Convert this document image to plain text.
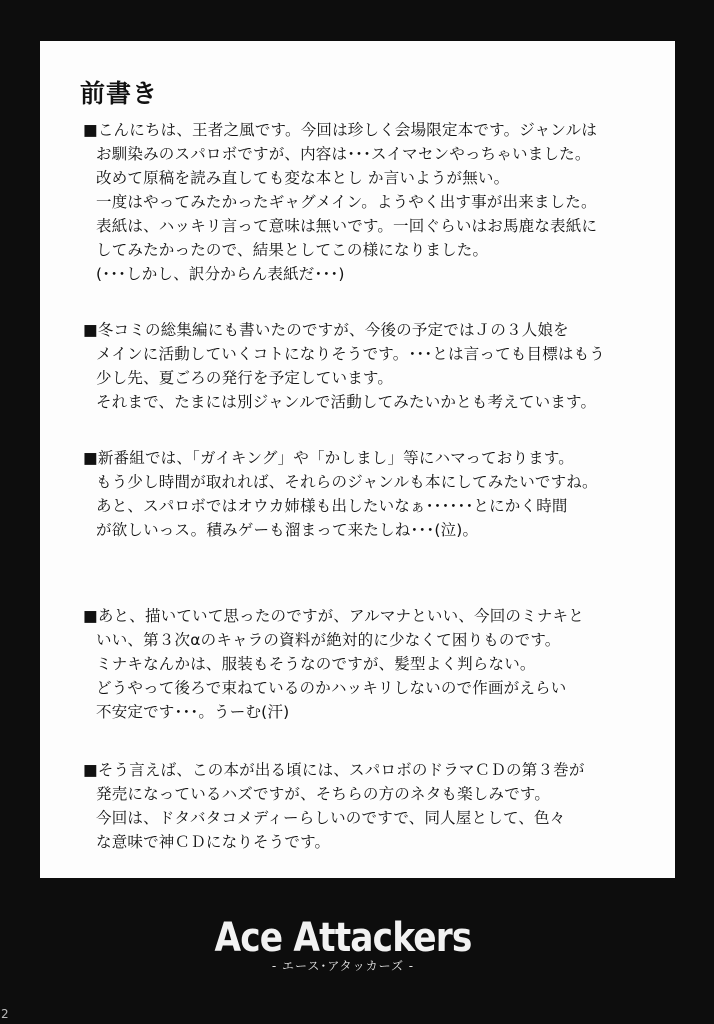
前書き
■こんにちは、王者之風です。今回は珍しく会場限定本です。ジャンルは
お馴染みのスパロボですが、内容は･･･スイマセンやっちゃいました。
改めて原稿を読み直しても変な本とし か言いようが無い。
一度はやってみたかったギャグメイン。ようやく出す事が出来ました。
表紙は、ハッキリ言って意味は無いです。一回ぐらいはお馬鹿な表紙に
してみたかったので、結果としてこの様になりました。
(･･･しかし、訳分からん表紙だ･･･)
■冬コミの総集編にも書いたのですが、今後の予定ではＪの３人娘を
メインに活動していくコトになりそうです。･･･とは言っても目標はもう
少し先、夏ごろの発行を予定しています。
それまで、たまには別ジャンルで活動してみたいかとも考えています。
■新番組では、「ガイキング」や「かしまし」等にハマっております。
もう少し時間が取れれば、それらのジャンルも本にしてみたいですね。
あと、スパロボではオウカ姉様も出したいなぁ･･････とにかく時間
が欲しいっス。積みゲーも溜まって来たしね･･･(泣)。
■あと、描いていて思ったのですが、アルマナといい、今回のミナキと
いい、第３次αのキャラの資料が絶対的に少なくて困りものです。
ミナキなんかは、服装もそうなのですが、髪型よく判らない。
どうやって後ろで束ねているのかハッキリしないので作画がえらい
不安定です･･･。うーむ(汗)
■そう言えば、この本が出る頃には、スパロボのドラマＣＤの第３巻が
発売になっているハズですが、そちらの方のネタも楽しみです。
今回は、ドタバタコメディーらしいのですで、同人屋として、色々
な意味で神ＣＤになりそうです。
Ace Attackers
- エース･アタッカーズ -
2
